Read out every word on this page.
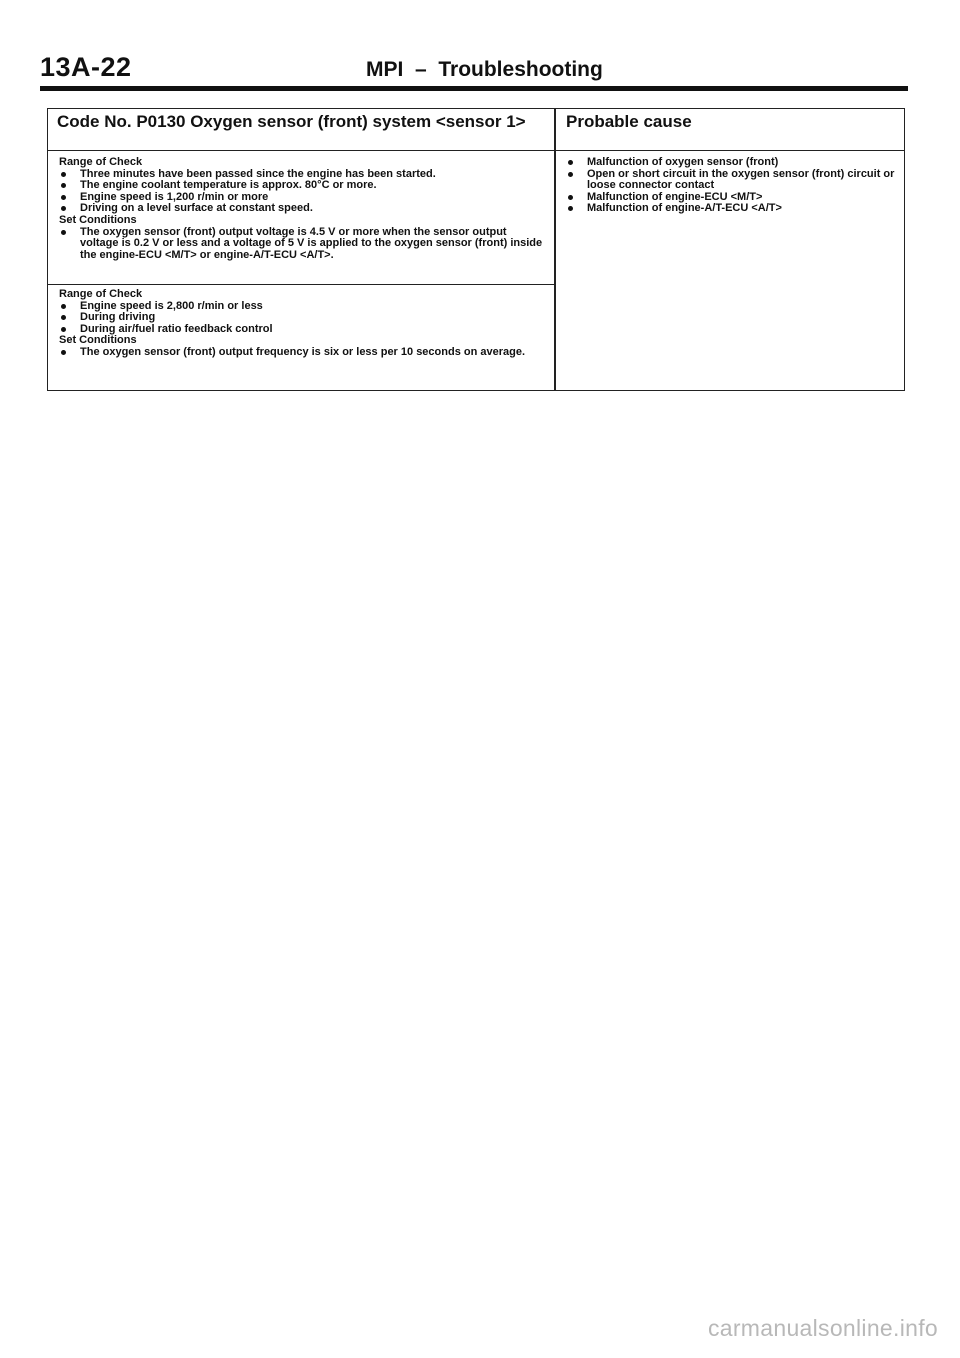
13A-22	MPI  –  Troubleshooting
Code No. P0130 Oxygen sensor (front) system <sensor 1>	Probable cause
Range of Check
Three minutes have been passed since the engine has been started.
The engine coolant temperature is approx. 80°C or more.
Engine speed is 1,200 r/min or more
Driving on a level surface at constant speed.
Set Conditions
The oxygen sensor (front) output voltage is 4.5 V or more when the sensor output voltage is 0.2 V or less and a voltage of 5 V is applied to the oxygen sensor (front) inside the engine-ECU <M/T> or engine-A/T-ECU <A/T>.
Range of Check
Engine speed is 2,800 r/min or less
During driving
During air/fuel ratio feedback control
Set Conditions
The oxygen sensor (front) output frequency is six or less per 10 seconds on average.
Malfunction of oxygen sensor (front)
Open or short circuit in the oxygen sensor (front) circuit or loose connector contact
Malfunction of engine-ECU <M/T>
Malfunction of engine-A/T-ECU <A/T>
carmanualsonline.info
